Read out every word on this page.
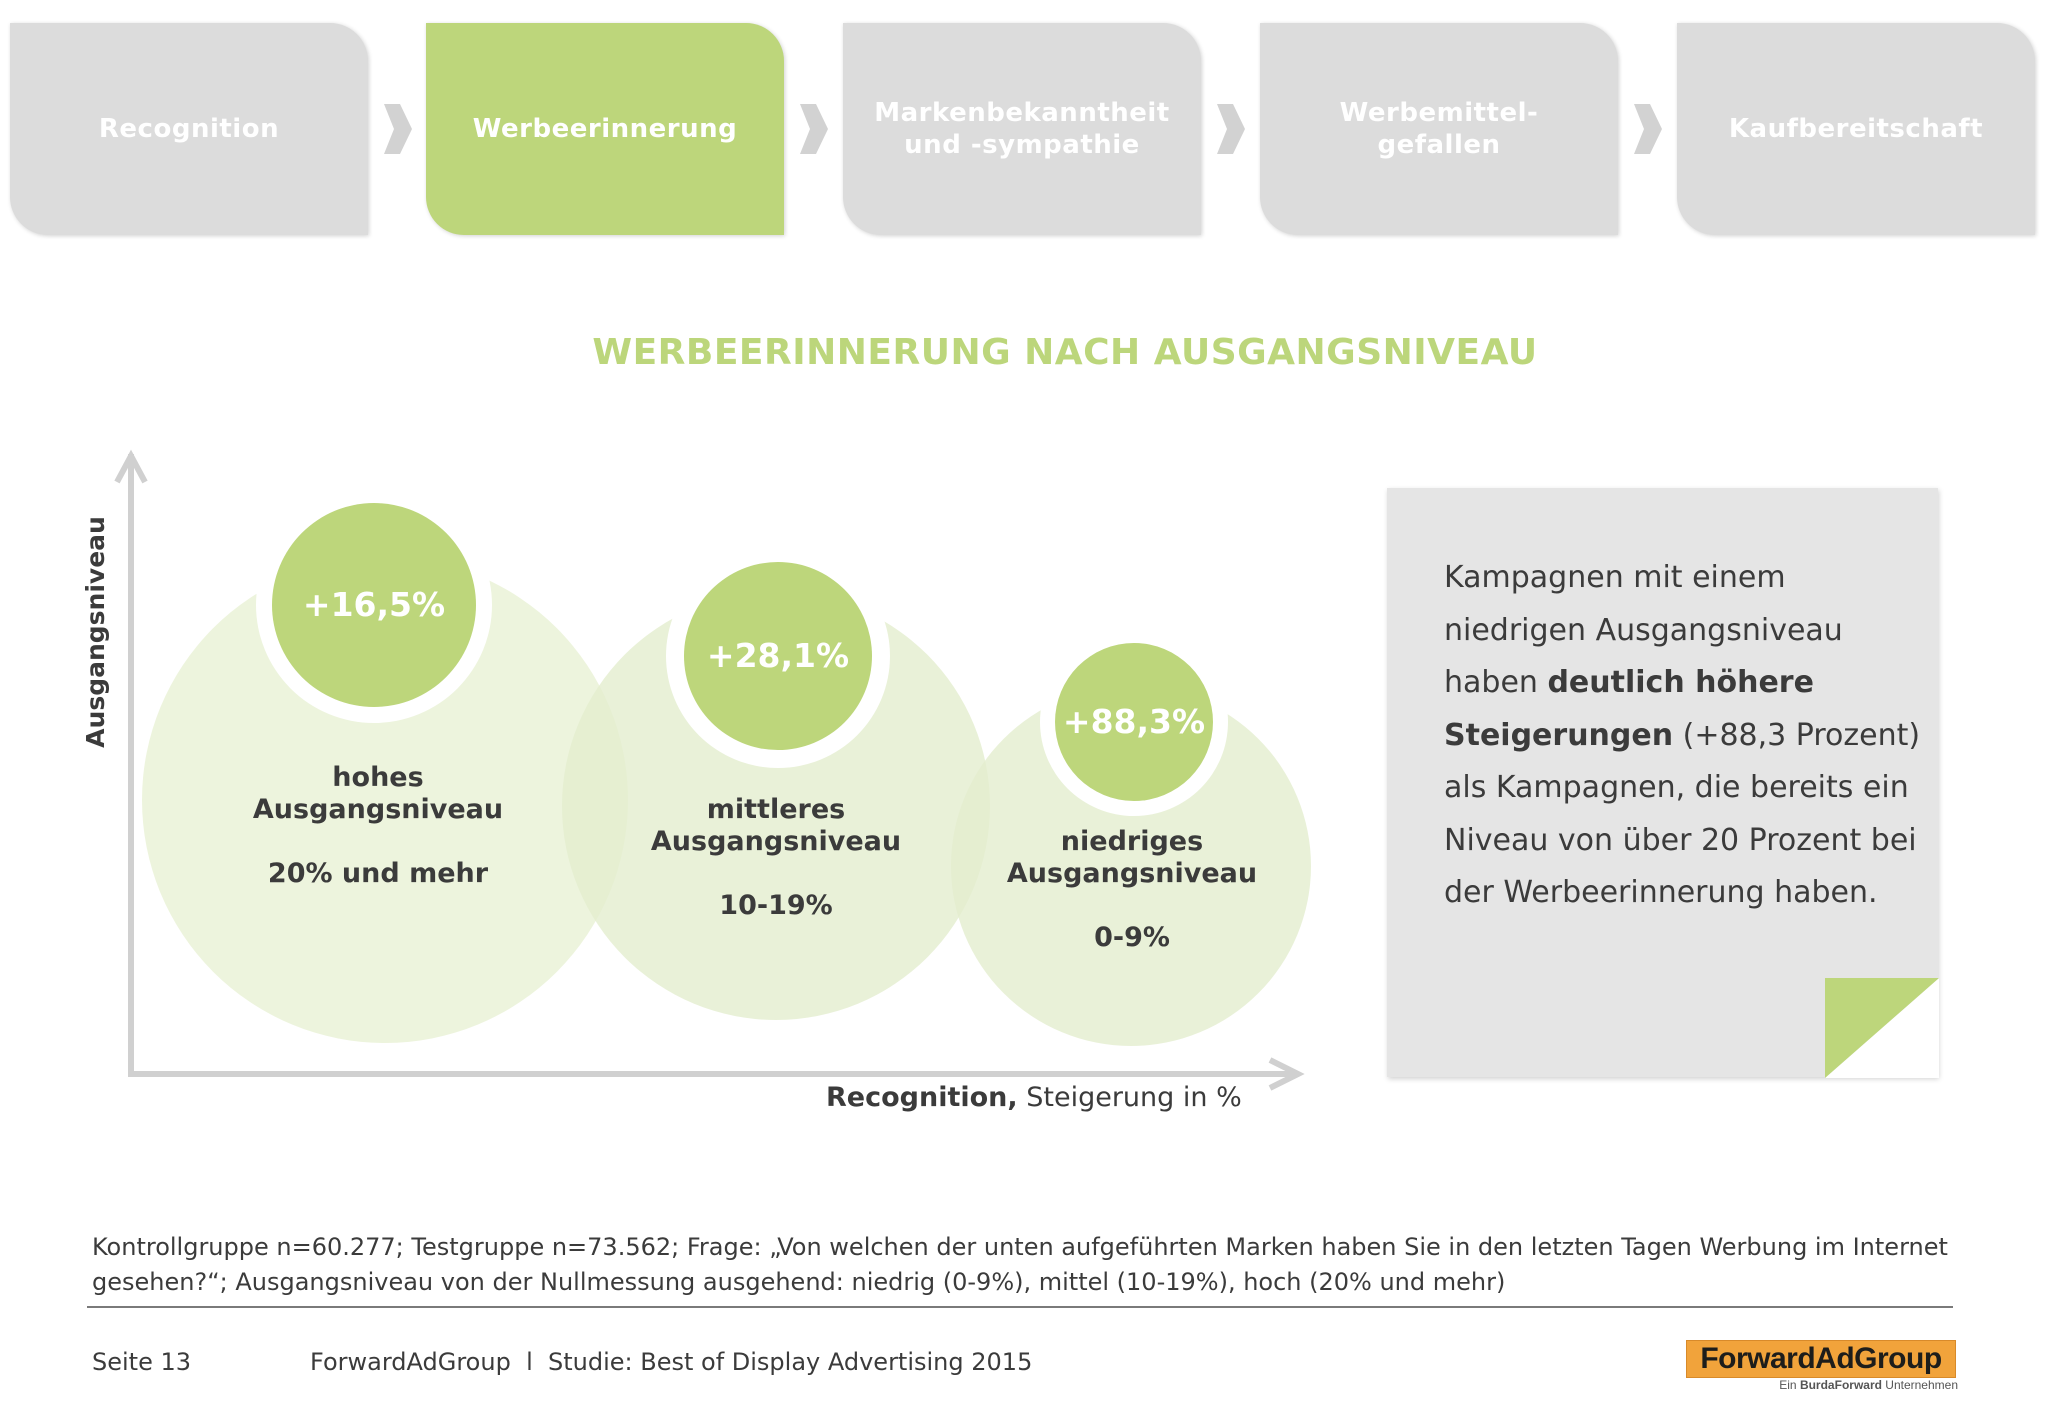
Recognition	Werbeerinnerung
Markenbekanntheit
und -sympathie
Werbemittel-
gefallen
Kaufbereitschaft
WERBEERINNERUNG NACH AUSGANGSNIVEAU
Ausgangsniveau	+16,5%
+28,1%
+88,3%
hohes
Ausgangsniveau
20% und mehr
mittleres
Ausgangsniveau
10-19%
niedriges
Ausgangsniveau
0-9%
Recognition, Steigerung in %
Kampagnen mit einem niedrigen Ausgangsniveau haben deutlich höhere Steigerungen (+88,3 Prozent) als Kampagnen, die bereits ein Niveau von über 20 Prozent bei der Werbeerinnerung haben.
Kontrollgruppe n=60.277; Testgruppe n=73.562; Frage: „Von welchen der unten aufgeführten Marken haben Sie in den letzten Tagen Werbung im Internet gesehen?“; Ausgangsniveau von der Nullmessung ausgehend: niedrig (0-9%), mittel (10-19%), hoch (20% und mehr)
Seite 13	ForwardAdGroup  l  Studie: Best of Display Advertising 2015	ForwardAdGroup
Ein BurdaForward Unternehmen
